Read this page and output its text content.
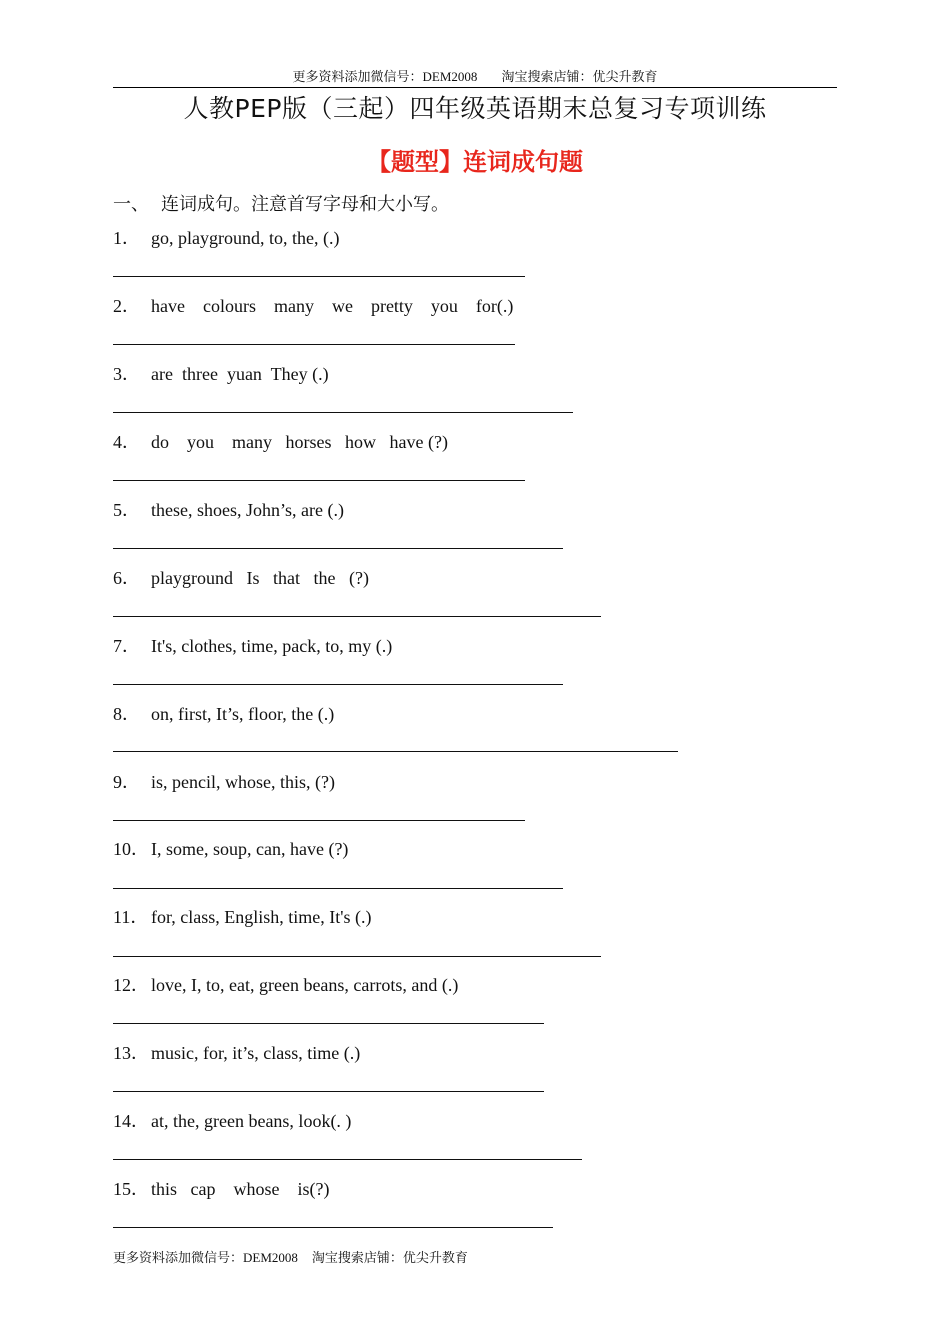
更多资料添加微信号：DEM2008 淘宝搜索店铺：优尖升教育
人教PEP版（三起）四年级英语期末总复习专项训练
【题型】连词成句题
一、 连词成句。注意首写字母和大小写。
1． go, playground, to, the, (.)
2． have    colours    many    we    pretty    you    for(.)
3． are  three  yuan  They (.)
4． do    you    many   horses   how   have (?)
5． these, shoes, John’s, are (.)
6． playground   Is   that   the   (?)
7． It's, clothes, time, pack, to, my (.)
8． on, first, It’s, floor, the (.)
9． is, pencil, whose, this, (?)
10． I, some, soup, can, have (?)
11． for, class, English, time, It's (.)
12． love, I, to, eat, green beans, carrots, and (.)
13． music, for, it’s, class, time (.)
14． at, the, green beans, look(. )
15． this   cap    whose    is(?)
更多资料添加微信号：DEM2008 淘宝搜索店铺：优尖升教育
